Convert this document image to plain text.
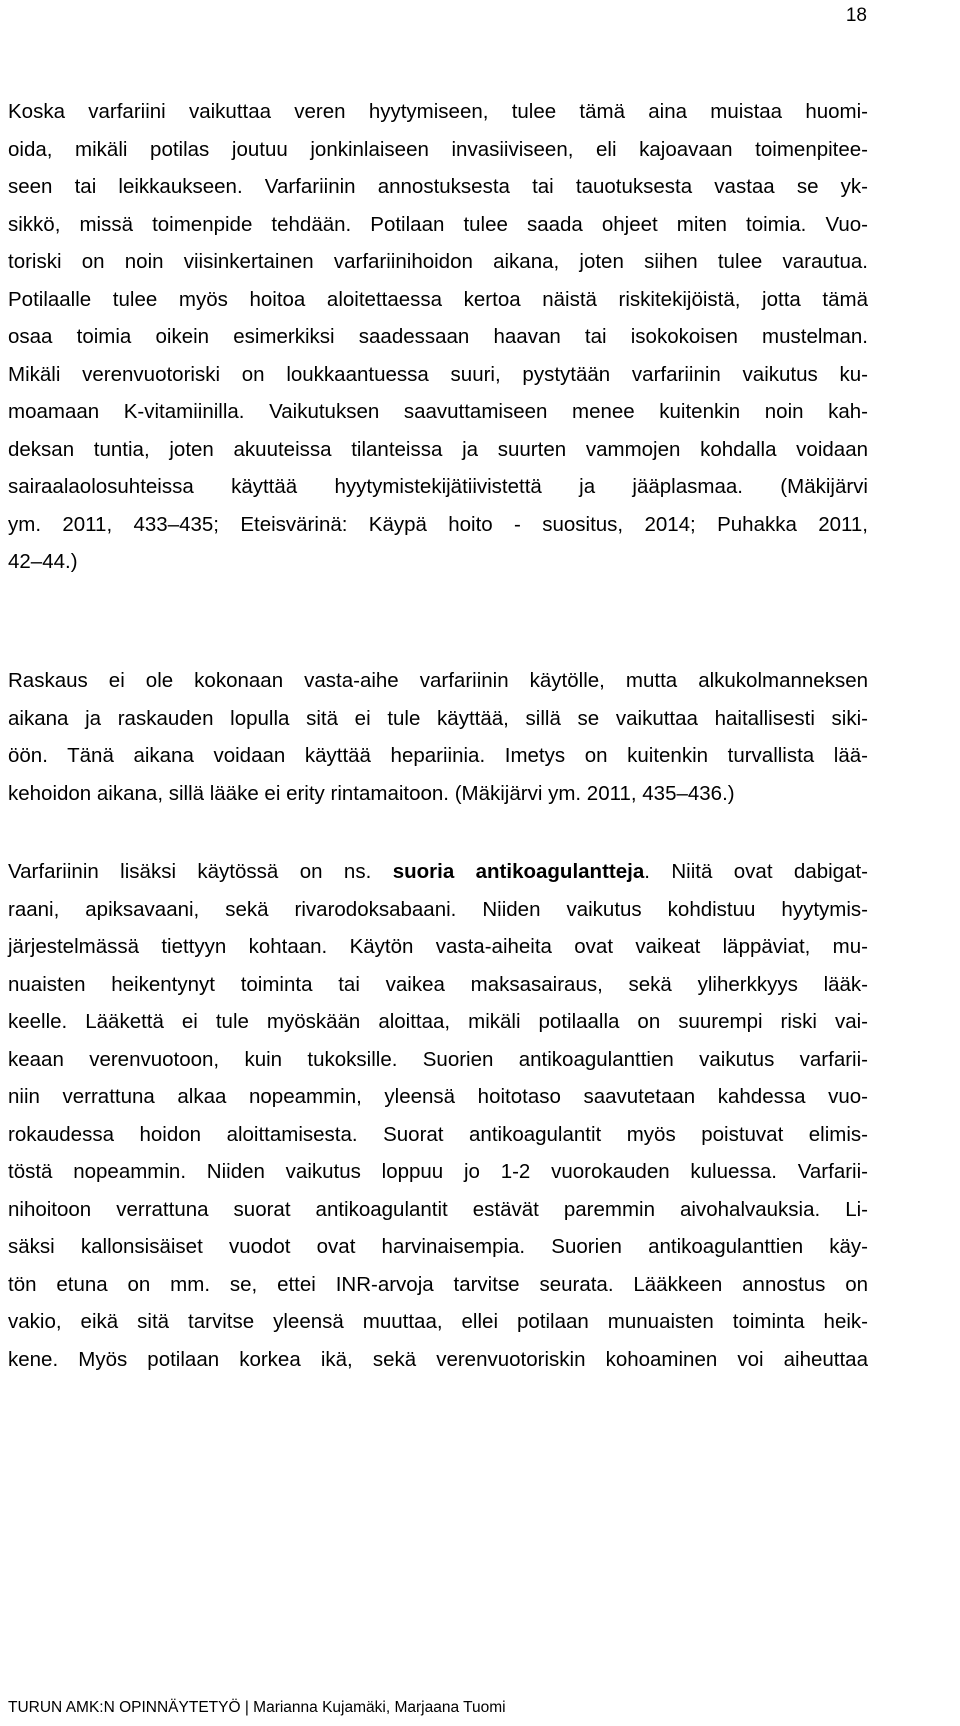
18
Koska varfariini vaikuttaa veren hyytymiseen, tulee tämä aina muistaa huomi-
oida, mikäli potilas joutuu jonkinlaiseen invasiiviseen, eli kajoavaan toimenpitee-
seen tai leikkaukseen. Varfariinin annostuksesta tai tauotuksesta vastaa se yk-
sikkö, missä toimenpide tehdään. Potilaan tulee saada ohjeet miten toimia. Vuo-
toriski on noin viisinkertainen varfariinihoidon aikana, joten siihen tulee varautua.
Potilaalle tulee myös hoitoa aloitettaessa kertoa näistä riskitekijöistä, jotta tämä
osaa toimia oikein esimerkiksi saadessaan haavan tai isokokoisen mustelman.
Mikäli verenvuotoriski on loukkaantuessa suuri, pystytään varfariinin vaikutus ku-
moamaan K-vitamiinilla. Vaikutuksen saavuttamiseen menee kuitenkin noin kah-
deksan tuntia, joten akuuteissa tilanteissa ja suurten vammojen kohdalla voidaan
sairaalaolosuhteissa käyttää hyytymistekijätiivistettä ja jääplasmaa. (Mäkijärvi
ym. 2011, 433–435; Eteisvärinä: Käypä hoito - suositus, 2014; Puhakka 2011,
42–44.)
Raskaus ei ole kokonaan vasta-aihe varfariinin käytölle, mutta alkukolmanneksen
aikana ja raskauden lopulla sitä ei tule käyttää, sillä se vaikuttaa haitallisesti siki-
öön. Tänä aikana voidaan käyttää hepariinia. Imetys on kuitenkin turvallista lää-
kehoidon aikana, sillä lääke ei erity rintamaitoon. (Mäkijärvi ym. 2011, 435–436.)
Varfariinin lisäksi käytössä on ns. suoria antikoagulantteja. Niitä ovat dabigat-
raani, apiksavaani, sekä rivarodoksabaani. Niiden vaikutus kohdistuu hyytymis-
järjestelmässä tiettyyn kohtaan. Käytön vasta-aiheita ovat vaikeat läppäviat, mu-
nuaisten heikentynyt toiminta tai vaikea maksasairaus, sekä yliherkkyys lääk-
keelle. Lääkettä ei tule myöskään aloittaa, mikäli potilaalla on suurempi riski vai-
keaan verenvuotoon, kuin tukoksille. Suorien antikoagulanttien vaikutus varfarii-
niin verrattuna alkaa nopeammin, yleensä hoitotaso saavutetaan kahdessa vuo-
rokaudessa hoidon aloittamisesta. Suorat antikoagulantit myös poistuvat elimis-
töstä nopeammin. Niiden vaikutus loppuu jo 1-2 vuorokauden kuluessa. Varfarii-
nihoitoon verrattuna suorat antikoagulantit estävät paremmin aivohalvauksia. Li-
säksi kallonsisäiset vuodot ovat harvinaisempia. Suorien antikoagulanttien käy-
tön etuna on mm. se, ettei INR-arvoja tarvitse seurata. Lääkkeen annostus on
vakio, eikä sitä tarvitse yleensä muuttaa, ellei potilaan munuaisten toiminta heik-
kene. Myös potilaan korkea ikä, sekä verenvuotoriskin kohoaminen voi aiheuttaa
TURUN AMK:N OPINNÄYTETYÖ | Marianna Kujamäki, Marjaana Tuomi
